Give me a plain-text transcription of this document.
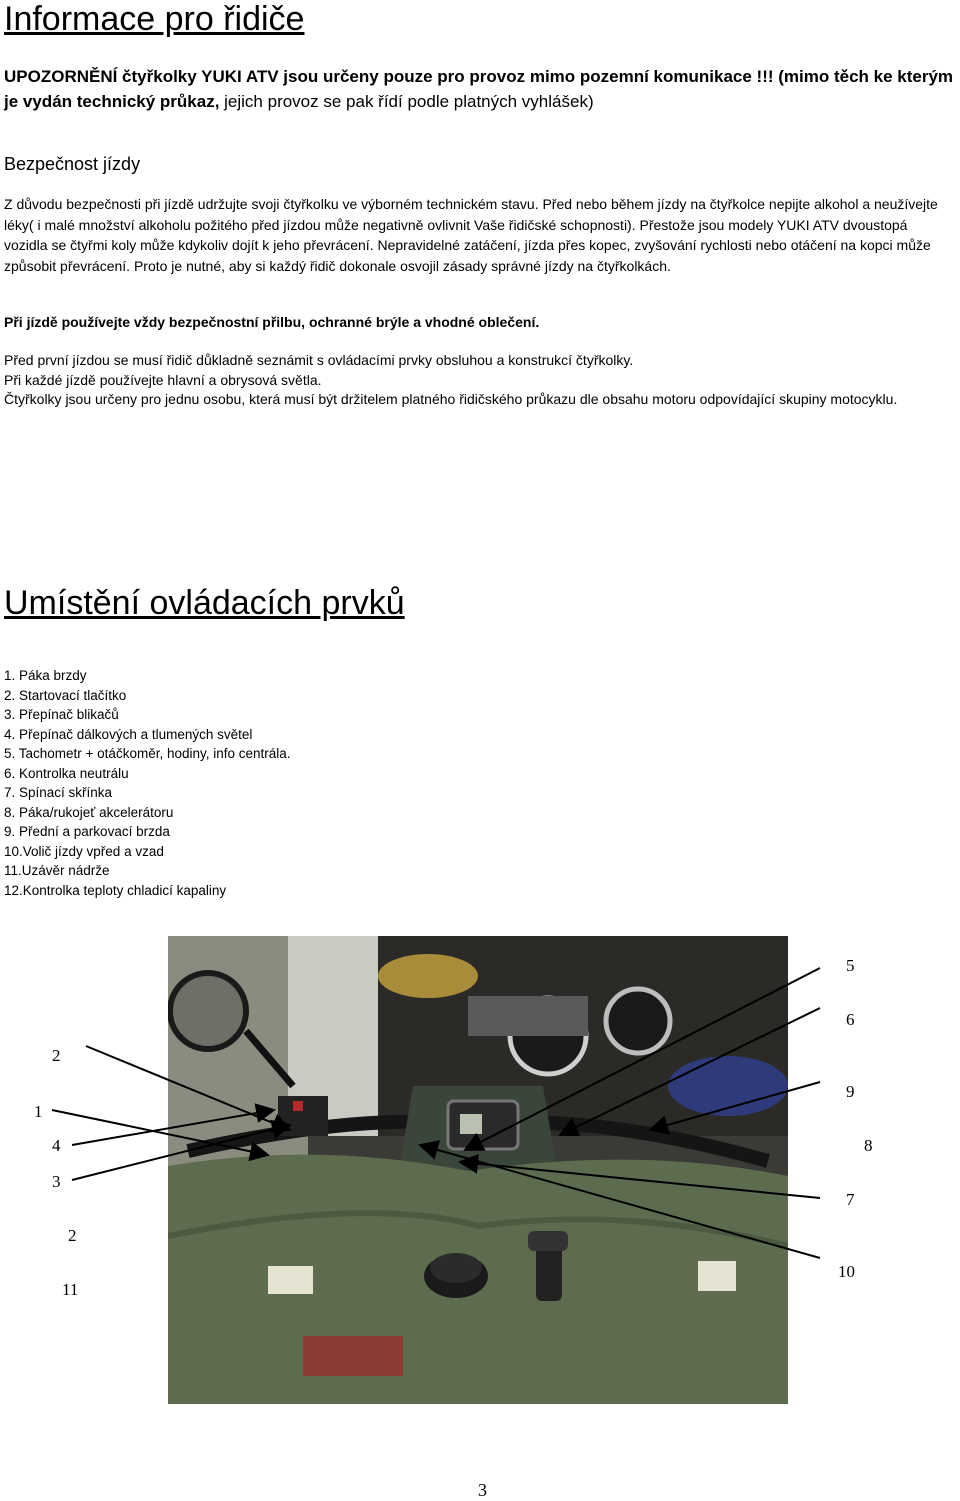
Informace pro řidiče
UPOZORNĚNÍ čtyřkolky YUKI ATV jsou určeny pouze pro provoz mimo pozemní komunikace !!! (mimo těch ke kterým je vydán technický průkaz, jejich provoz se pak řídí podle platných vyhlášek)
Bezpečnost jízdy
Z důvodu bezpečnosti při jízdě udržujte svoji čtyřkolku ve výborném technickém stavu. Před nebo během jízdy na čtyřkolce nepijte alkohol a neužívejte léky( i malé množství alkoholu požitého před jízdou může negativně ovlivnit Vaše řidičské schopnosti). Přestože jsou modely YUKI ATV dvoustopá vozidla se čtyřmi koly může kdykoliv dojít k jeho převrácení. Nepravidelné zatáčení, jízda přes kopec, zvyšování rychlosti nebo otáčení na kopci může způsobit převrácení. Proto je nutné, aby si každý řidič dokonale osvojil zásady správné jízdy na čtyřkolkách.
Při jízdě používejte vždy bezpečnostní přilbu, ochranné brýle a vhodné oblečení.
Před první jízdou se musí řidič důkladně seznámit s ovládacími prvky obsluhou a konstrukcí čtyřkolky.
Při každé jízdě používejte hlavní a obrysová světla.
Čtyřkolky jsou určeny pro jednu osobu, která musí být držitelem platného řidičského průkazu dle obsahu motoru odpovídající skupiny motocyklu.
Umístění ovládacích prvků
1. Páka brzdy
2. Startovací tlačítko
3. Přepínač blikačů
4. Přepínač dálkových a tlumených světel
5. Tachometr + otáčkoměr, hodiny, info centrála.
6. Kontrolka neutrálu
7. Spínací skřínka
8. Páka/rukojeť akcelerátoru
9. Přední a parkovací brzda
10.Volič jízdy vpřed a vzad
11.Uzávěr nádrže
12.Kontrolka teploty chladicí kapaliny
2
1
4
3
2
11
5
6
9
8
7
10
3
